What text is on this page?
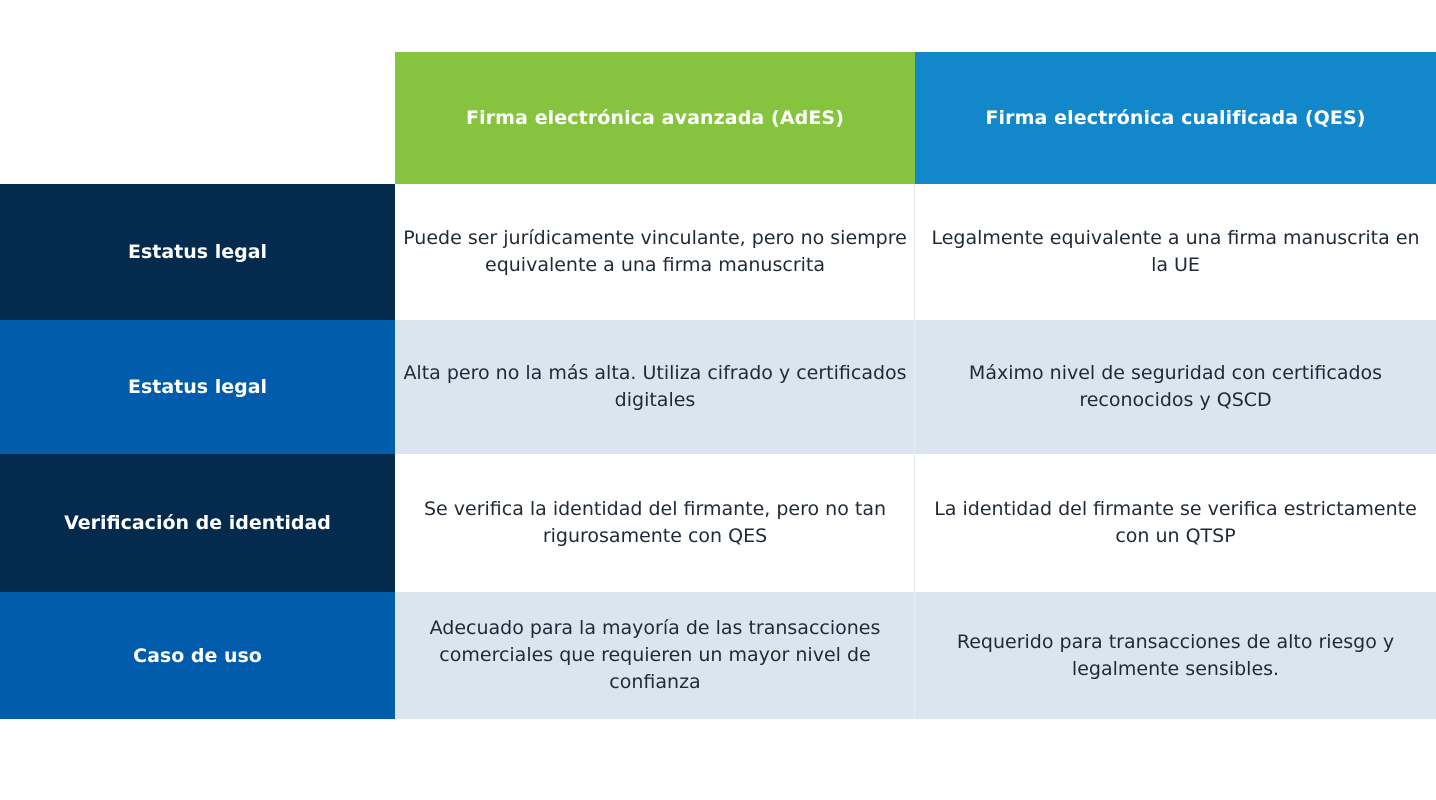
Firma electrónica avanzada (AdES)	Firma electrónica cualificada (QES)
Estatus legal
Puede ser jurídicamente vinculante, pero no siempre equivalente a una firma manuscrita
Legalmente equivalente a una firma manuscrita en la UE
Estatus legal
Alta pero no la más alta. Utiliza cifrado y certificados digitales
Máximo nivel de seguridad con certificados reconocidos y QSCD
Verificación de identidad
Se verifica la identidad del firmante, pero no tan rigurosamente con QES
La identidad del firmante se verifica estrictamente con un QTSP
Caso de uso
Adecuado para la mayoría de las transacciones comerciales que requieren un mayor nivel de confianza
Requerido para transacciones de alto riesgo y legalmente sensibles.
